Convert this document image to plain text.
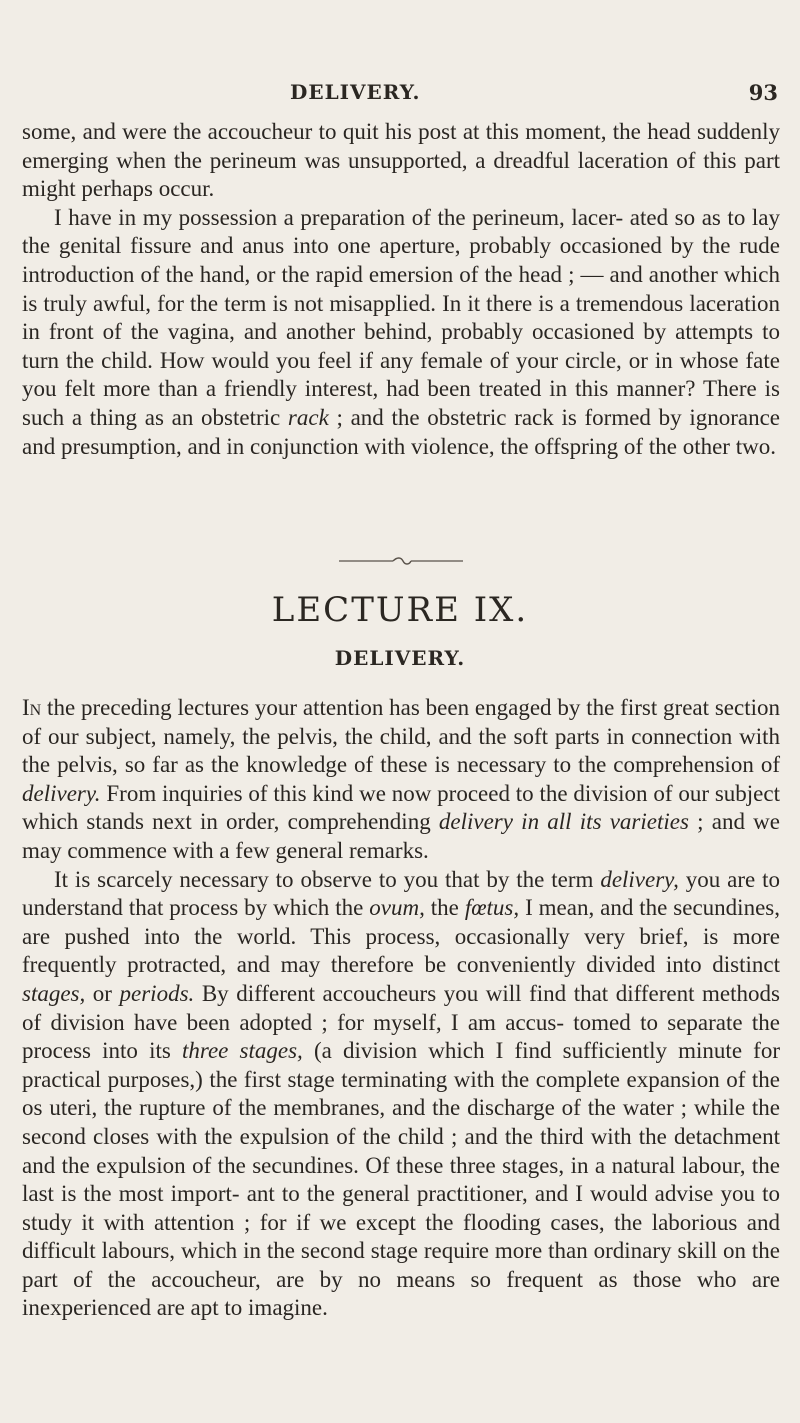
DELIVERY.	93

some, and were the accoucheur to quit his post at this moment, the head suddenly emerging when the perineum was unsupported, a dreadful laceration of this part might perhaps occur.

I have in my possession a preparation of the perineum, lacer- ated so as to lay the genital fissure and anus into one aperture, probably occasioned by the rude introduction of the hand, or the rapid emersion of the head ; — and another which is truly awful, for the term is not misapplied. In it there is a tremendous laceration in front of the vagina, and another behind, probably occasioned by attempts to turn the child. How would you feel if any female of your circle, or in whose fate you felt more than a friendly interest, had been treated in this manner? There is such a thing as an obstetric rack ; and the obstetric rack is formed by ignorance and presumption, and in conjunction with violence, the offspring of the other two.

LECTURE IX.
DELIVERY.

In the preceding lectures your attention has been engaged by the first great section of our subject, namely, the pelvis, the child, and the soft parts in connection with the pelvis, so far as the knowledge of these is necessary to the comprehension of delivery. From inquiries of this kind we now proceed to the division of our subject which stands next in order, comprehending delivery in all its varieties ; and we may commence with a few general remarks.

It is scarcely necessary to observe to you that by the term delivery, you are to understand that process by which the ovum, the fœtus, I mean, and the secundines, are pushed into the world. This process, occasionally very brief, is more frequently protracted, and may therefore be conveniently divided into distinct stages, or periods. By different accoucheurs you will find that different methods of division have been adopted ; for myself, I am accus- tomed to separate the process into its three stages, (a division which I find sufficiently minute for practical purposes,) the first stage terminating with the complete expansion of the os uteri, the rupture of the membranes, and the discharge of the water ; while the second closes with the expulsion of the child ; and the third with the detachment and the expulsion of the secundines. Of these three stages, in a natural labour, the last is the most import- ant to the general practitioner, and I would advise you to study it with attention ; for if we except the flooding cases, the laborious and difficult labours, which in the second stage require more than ordinary skill on the part of the accoucheur, are by no means so frequent as those who are inexperienced are apt to imagine.
